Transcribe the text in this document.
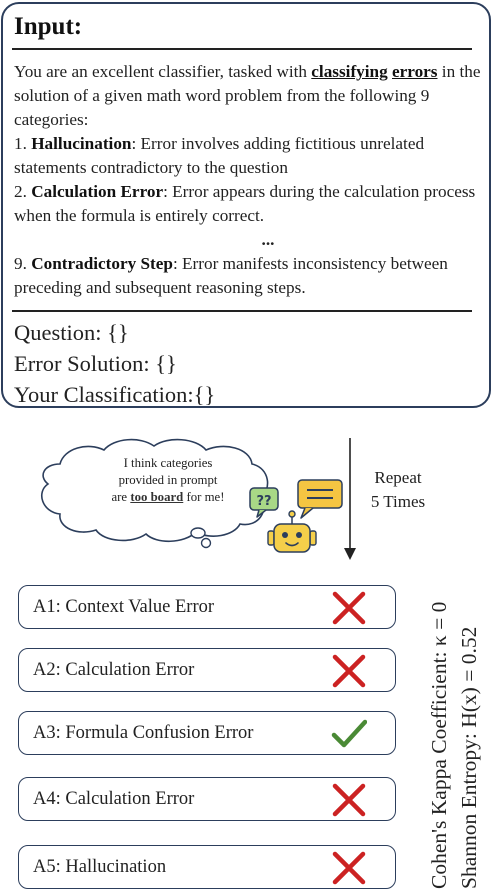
Input:

You are an excellent classifier, tasked with classifying errors in the solution of a given math word problem from the following 9 categories:

1. Hallucination: Error involves adding fictitious unrelated statements contradictory to the question

2. Calculation Error: Error appears during the calculation process when the formula is entirely correct.

...

9. Contradictory Step: Error manifests inconsistency between preceding and subsequent reasoning steps.

Question: {}
Error Solution: {}
Your Classification:{}
I think categories
provided in prompt
are too board for me!	??
Repeat
5 Times
A1: Context Value Error
A2: Calculation Error
A3: Formula Confusion Error
A4: Calculation Error
A5: Hallucination	Cohen's Kappa Coefficient: κ = 0 Shannon Entropy: H(x) = 0.52
